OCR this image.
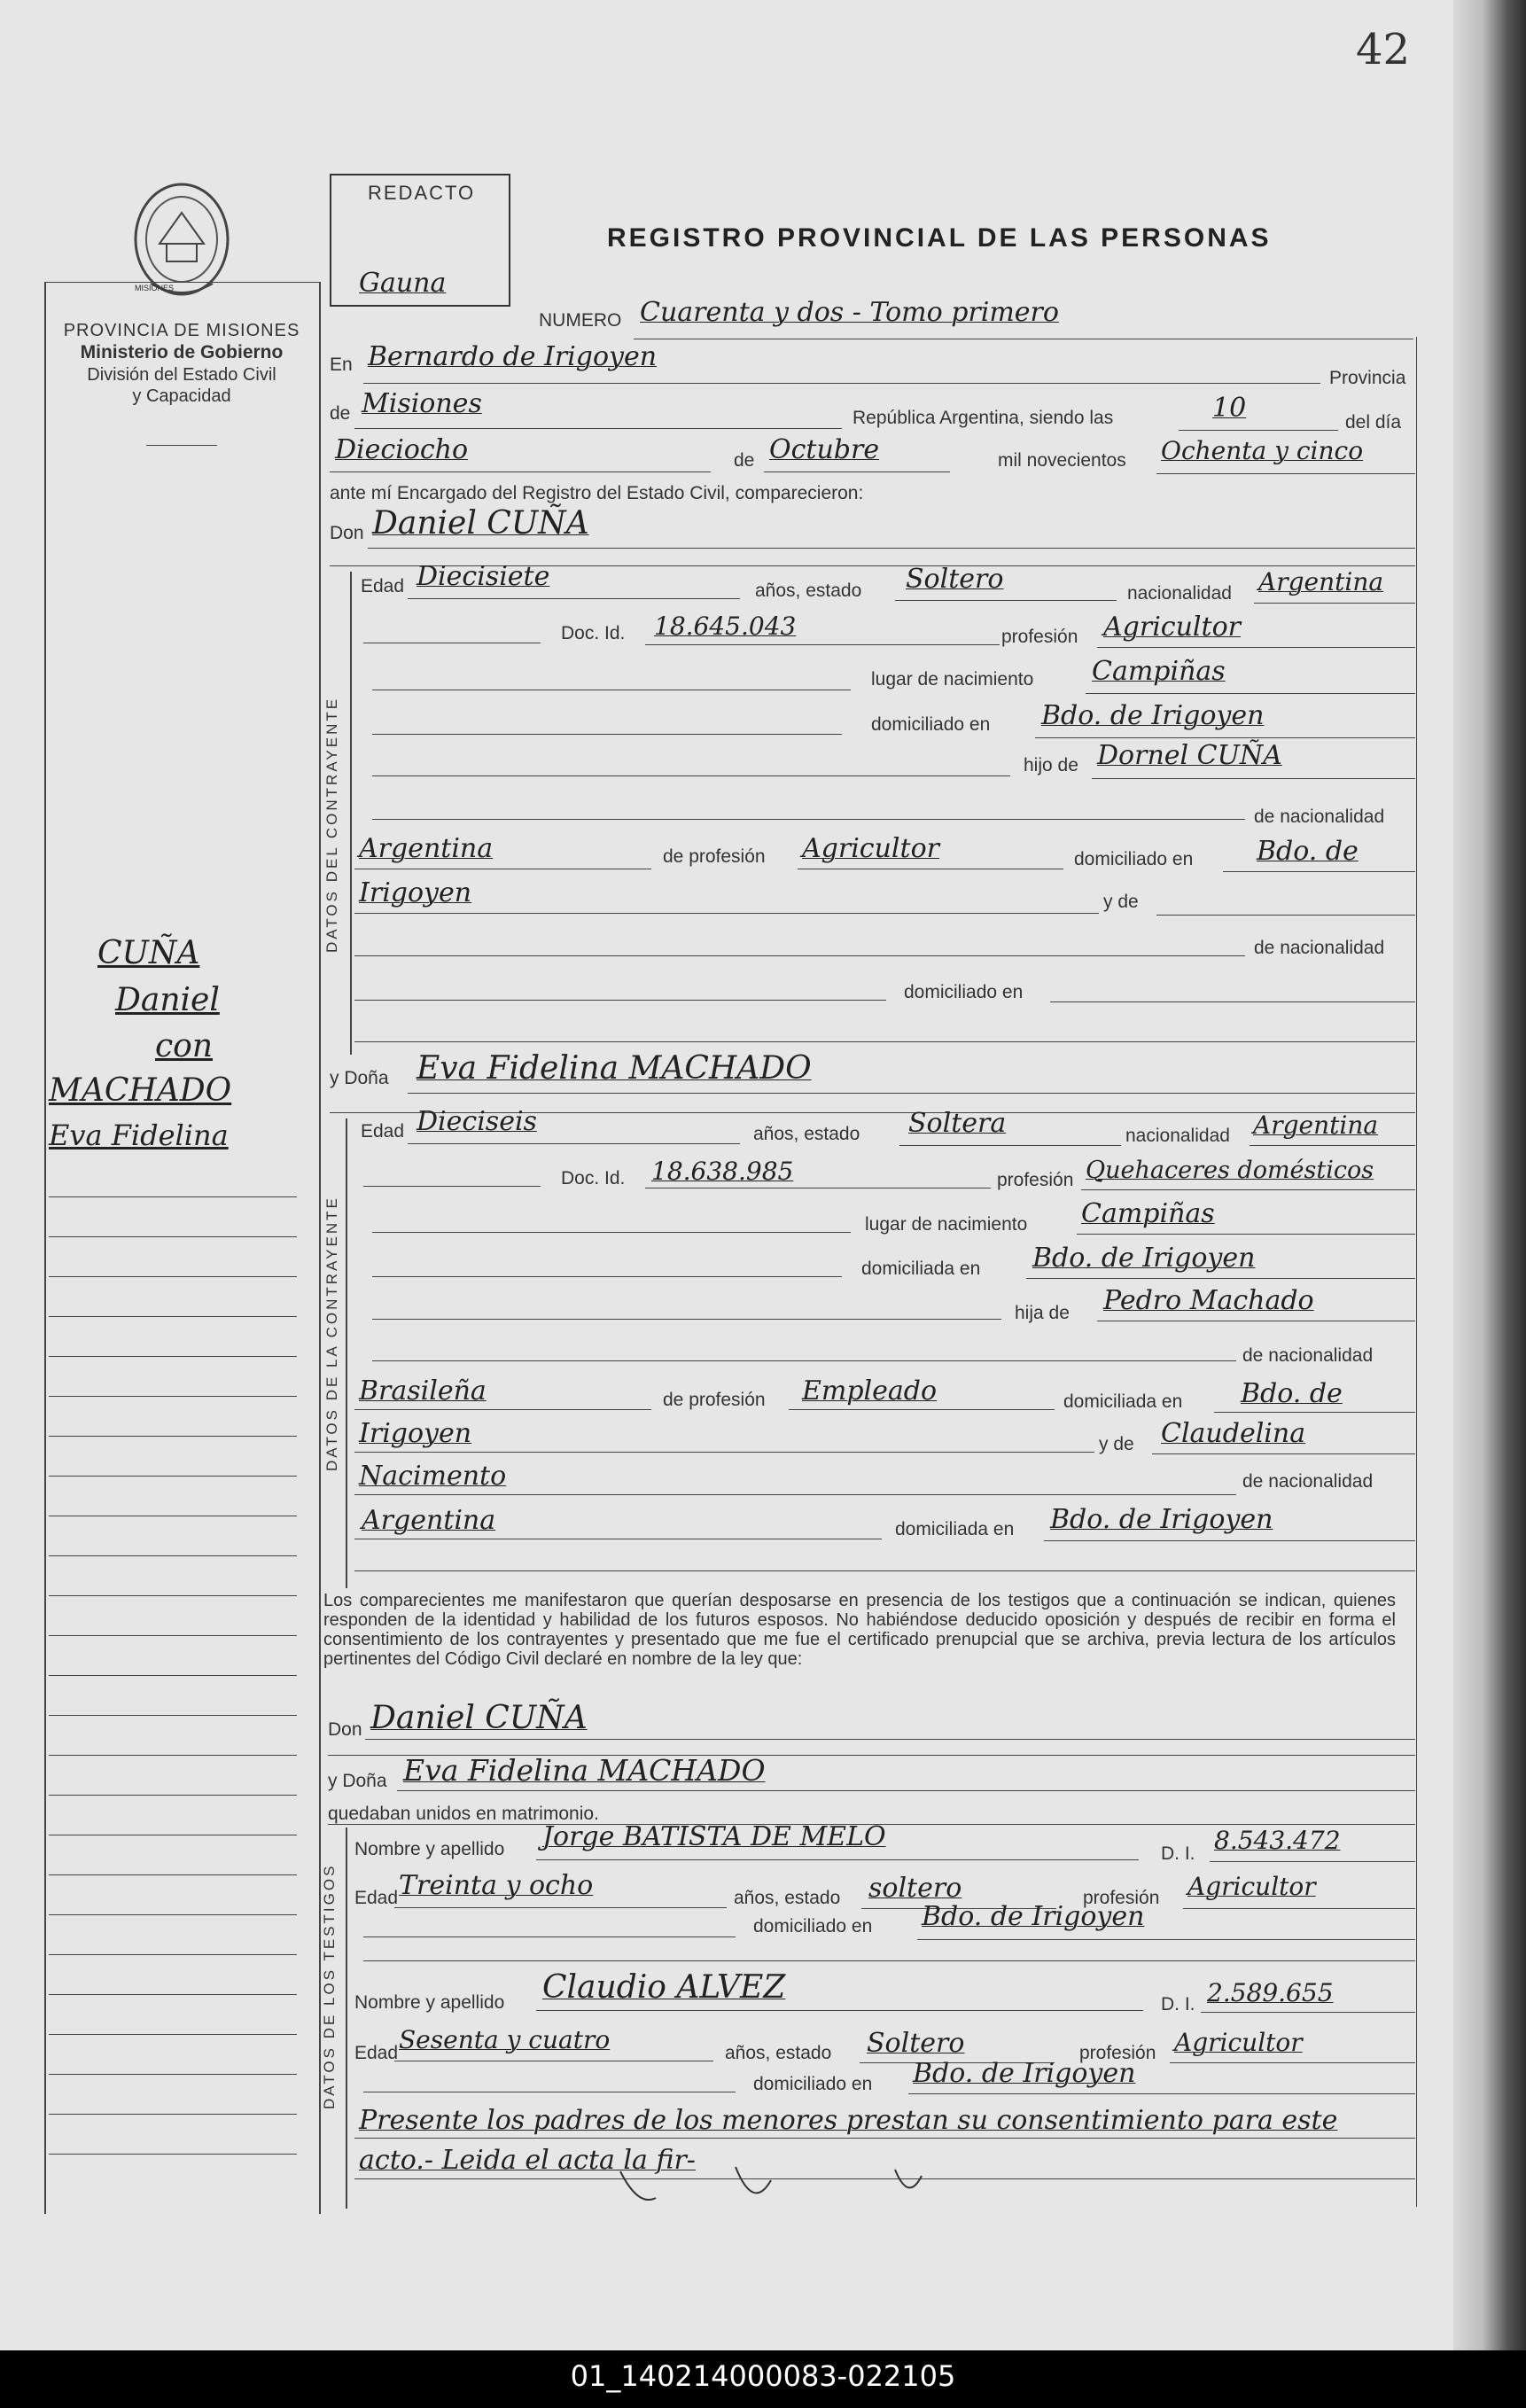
01_140214000083-022105
42
MISIONES
PROVINCIA DE MISIONES
Ministerio de Gobierno
División del Estado Civil
y Capacidad
CUÑA
Daniel
con
MACHADO
Eva Fidelina
REDACTO
Gauna
REGISTRO PROVINCIAL DE LAS PERSONAS
NUMERO Cuarenta y dos - Tomo primero
En Bernardo de Irigoyen
Provincia
de Misiones	República Argentina, siendo las	10	del día
Dieciocho	de Octubre	mil novecientos Ochenta y cinco
ante mí Encargado del Registro del Estado Civil, comparecieron:
Don Daniel CUÑA
DATOS DEL CONTRAYENTE
Edad Diecisiete	años, estado Soltero	nacionalidad Argentina
Doc. Id. 18.645.043	profesión Agricultor
lugar de nacimiento Campiñas
domiciliado en Bdo. de Irigoyen
hijo de Dornel CUÑA
de nacionalidad
Argentina	de profesión Agricultor	domiciliado en Bdo. de
Irigoyen	y de
de nacionalidad
domiciliado en
y Doña Eva Fidelina MACHADO
DATOS DE LA CONTRAYENTE
Edad Dieciseis	años, estado Soltera	nacionalidad Argentina
Doc. Id. 18.638.985	profesión Quehaceres domésticos
lugar de nacimiento Campiñas
domiciliada en Bdo. de Irigoyen
hija de Pedro Machado
de nacionalidad
Brasileña	de profesión Empleado	domiciliada en Bdo. de
Irigoyen	y de Claudelina
Nacimento	de nacionalidad
Argentina	domiciliada en Bdo. de Irigoyen
Los comparecientes me manifestaron que querían desposarse en presencia de los testigos que a continuación se indican, quienes responden de la identidad y habilidad de los futuros esposos. No habiéndose deducido oposición y después de recibir en forma el consentimiento de los contrayentes y presentado que me fue el certificado prenupcial que se archiva, previa lectura de los artículos pertinentes del Código Civil declaré en nombre de la ley que:
Don Daniel CUÑA
y Doña Eva Fidelina MACHADO
quedaban unidos en matrimonio.
DATOS DE LOS TESTIGOS
Nombre y apellido Jorge BATISTA DE MELO
D. I. 8.543.472
Edad Treinta y ocho	años, estado soltero	profesión Agricultor
domiciliado en Bdo. de Irigoyen
Nombre y apellido Claudio ALVEZ	D. I. 2.589.655
Edad Sesenta y cuatro	años, estado Soltero	profesión Agricultor
domiciliado en Bdo. de Irigoyen
Presente los padres de los menores prestan su consentimiento para este acto.- Leida el acta la fir-
